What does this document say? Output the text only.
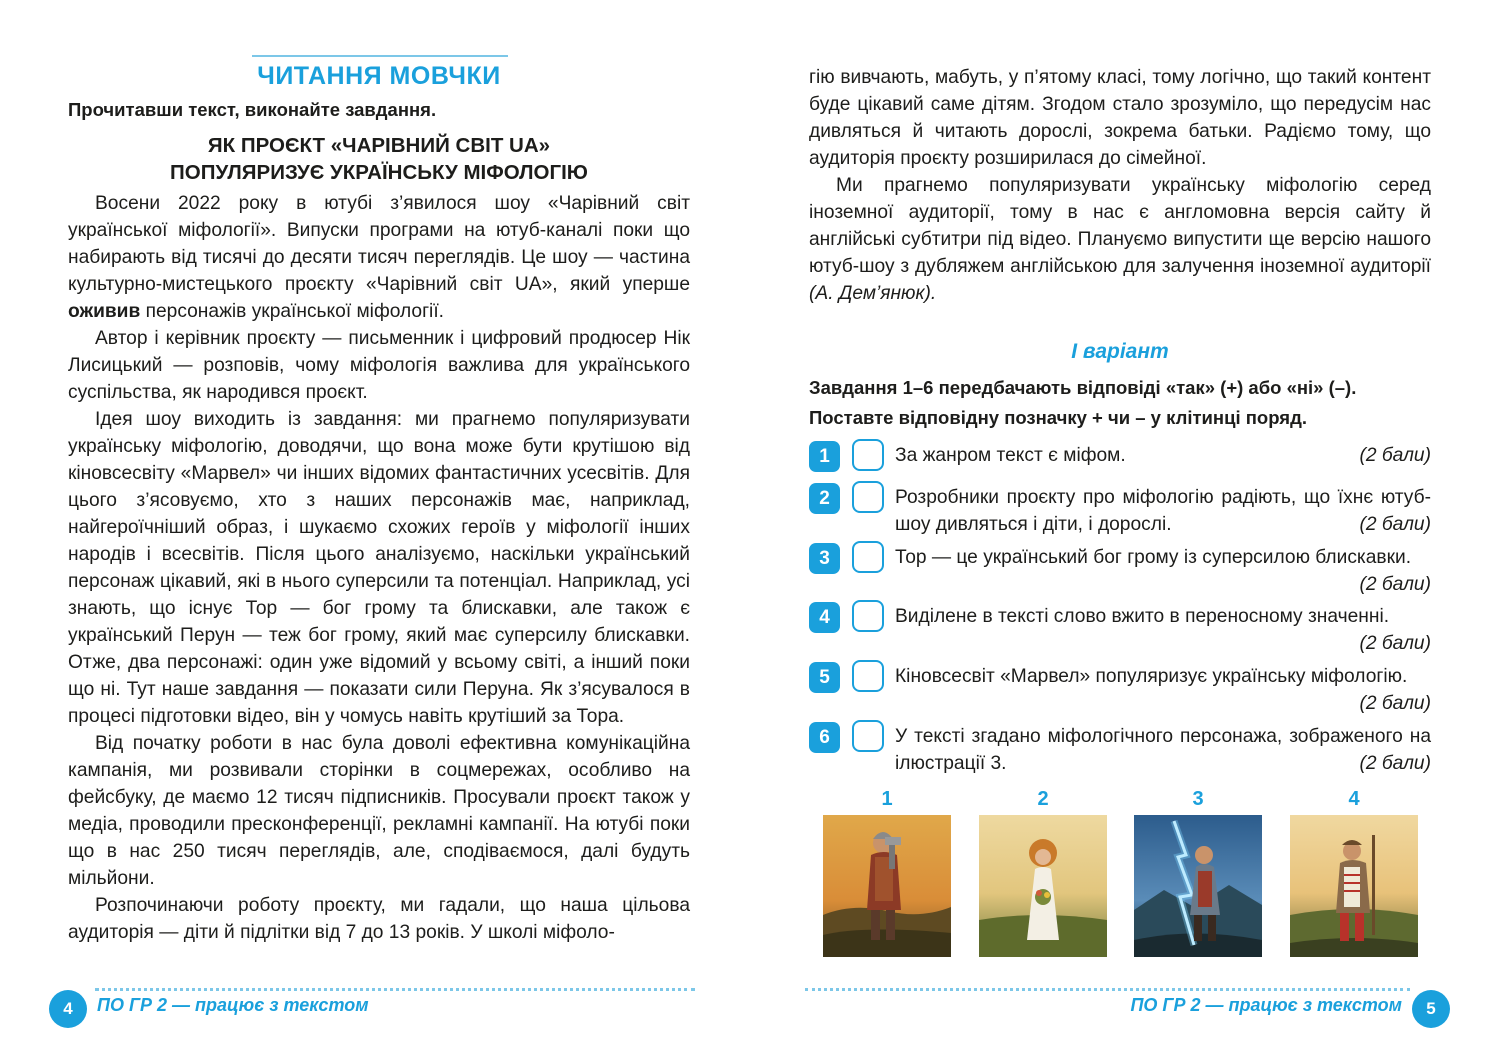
ЧИТАННЯ МОВЧКИ
Прочитавши текст, виконайте завдання.
ЯК ПРОЄКТ «ЧАРІВНИЙ СВІТ UA»
ПОПУЛЯРИЗУЄ УКРАЇНСЬКУ МІФОЛОГІЮ

Восени 2022 року в ютубі з’явилося шоу «Чарівний світ української міфології». Випуски програми на ютуб-каналі поки що набирають від тисячі до десяти тисяч переглядів. Це шоу — частина культурно-мистецького проєкту «Чарівний світ UA», який уперше оживив персонажів української міфології.

Автор і керівник проєкту — письменник і цифровий продюсер Нік Лисицький — розповів, чому міфологія важлива для українського суспільства, як народився проєкт.

Ідея шоу виходить із завдання: ми прагнемо популяризувати українську міфологію, доводячи, що вона може бути крутішою від кіновсесвіту «Марвел» чи інших відомих фантастичних усесвітів. Для цього з’ясовуємо, хто з наших персонажів має, наприклад, найгероїчніший образ, і шукаємо схожих героїв у міфології інших народів і всесвітів. Після цього аналізуємо, наскільки український персонаж цікавий, які в нього суперсили та потенціал. Наприклад, усі знають, що існує Тор — бог грому та блискавки, але також є український Перун — теж бог грому, який має суперсилу блискавки. Отже, два персонажі: один уже відомий у всьому світі, а інший поки що ні. Тут наше завдання — показати сили Перуна. Як з’ясувалося в процесі підготовки відео, він у чомусь навіть крутіший за Тора.

Від початку роботи в нас була доволі ефективна комунікаційна кампанія, ми розвивали сторінки в соцмережах, особливо на фейсбуку, де маємо 12 тисяч підписників. Просували проєкт також у медіа, проводили пресконференції, рекламні кампанії. На ютубі поки що в нас 250 тисяч переглядів, але, сподіваємося, далі будуть мільйони.

Розпочинаючи роботу проєкту, ми гадали, що наша цільова аудиторія — діти й підлітки від 7 до 13 років. У школі міфоло-

4	ПО ГР 2 — працює з текстом

гію вивчають, мабуть, у п’ятому класі, тому логічно, що такий контент буде цікавий саме дітям. Згодом стало зрозуміло, що передусім нас дивляться й читають дорослі, зокрема батьки. Радіємо тому, що аудиторія проєкту розширилася до сімейної.

Ми прагнемо популяризувати українську міфологію серед іноземної аудиторії, тому в нас є англомовна версія сайту й англійські субтитри під відео. Плануємо випустити ще версію нашого ютуб-шоу з дубляжем англійською для залучення іноземної аудиторії (А. Дем’янюк).

І варіант
Завдання 1–6 передбачають відповіді «так» (+) або «ні» (–).
Поставте відповідну позначку + чи – у клітинці поряд.
1	За жанром текст є міфом.	(2 бали)
2	Розробники проєкту про міфологію радіють, що їхнє ютуб-шоу дивляться і діти, і дорослі.	(2 бали)
3	Тор — це український бог грому із суперсилою блискавки.
(2 бали)
4	Виділене в тексті слово вжито в переносному значенні.
(2 бали)
5	Кіновсесвіт «Марвел» популяризує українську міфологію.
(2 бали)
6	У тексті згадано міфологічного персонажа, зображеного на ілюстрації 3.	(2 бали)
1	2	3	4
ПО ГР 2 — працює з текстом	5
